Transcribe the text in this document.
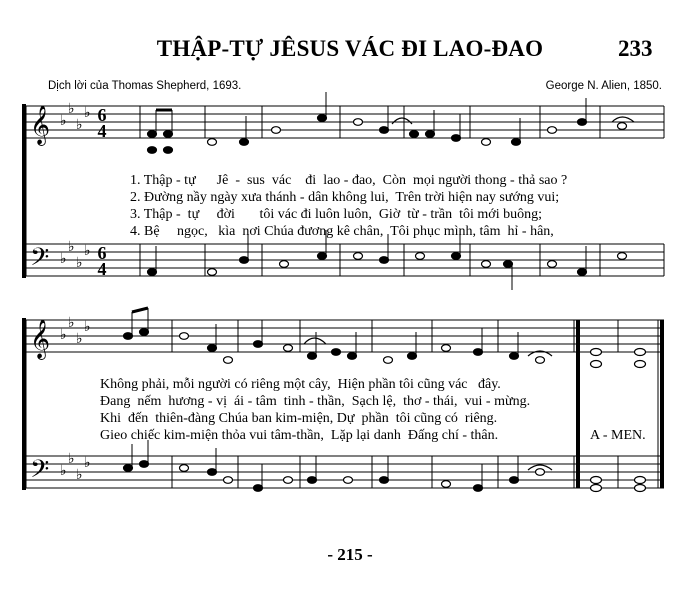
THẬP-TỰ JÊSUS VÁC ĐI LAO-ĐAO	233
Dịch lời của Thomas Shepherd, 1693.	George N. Alien, 1850.
𝄞
𝄢
𝄞
𝄢
♭
♭
♭
♭
♭
♭
♭
♭
♭
♭
♭
♭
♭
♭
♭
♭
6
4
6
4
1. Thập - tự      Jê  -  sus  vác    đi  lao - đao,  Còn  mọi người thong - thả sao ?
2. Đường nầy ngày xưa thánh - dân không lui,  Trên trời hiện nay sướng vui;
3. Thập -  tự     đời       tôi vác đi luôn luôn,  Giờ  từ - trần  tôi mới buông;
4. Bệ     ngọc,   kìa  nơi Chúa đương kê chân,  Tôi phục mình, tâm  hỉ - hân,
Không phải, mỗi người có riêng một cây,  Hiện phần tôi cũng vác   đây.
Đang  nếm  hương - vị  ái - tâm  tinh - thần,  Sạch lệ,  thơ - thái,  vui - mừng.
Khi  đến  thiên-đàng Chúa ban kim-miện, Dự  phần  tôi cũng có  riêng.
Gieo chiếc kim-miện thỏa vui tâm-thần,  Lặp lại danh  Đấng chí - thân.	A - MEN.
- 215 -
